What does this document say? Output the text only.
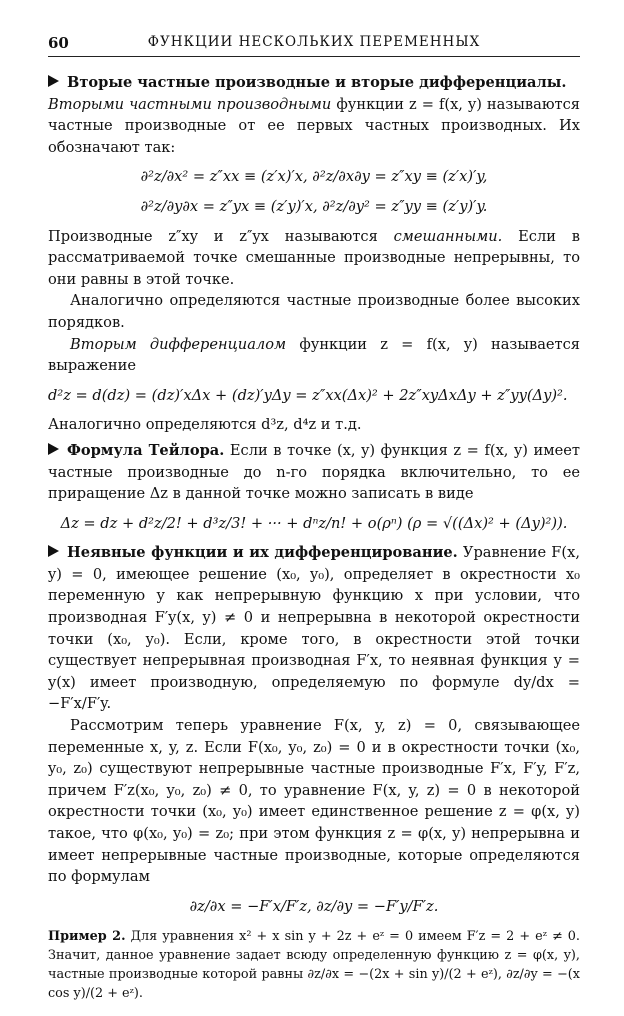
60	ФУНКЦИИ НЕСКОЛЬКИХ ПЕРЕМЕННЫХ

Вторые частные производные и вторые дифференциалы.
Вторыми частными производными функции z = f(x, y) называются частные производные от ее первых частных производных. Их обозначают так:

∂²z/∂x² = z″xx ≡ (z′x)′x, ∂²z/∂x∂y = z″xy ≡ (z′x)′y,
∂²z/∂y∂x = z″yx ≡ (z′y)′x, ∂²z/∂y² = z″yy ≡ (z′y)′y.

Производные z″xy и z″yx называются смешанными. Если в рассматриваемой точке смешанные производные непрерывны, то они равны в этой точке.

Аналогично определяются частные производные более высоких порядков.

Вторым дифференциалом функции z = f(x, y) называется выражение

d²z = d(dz) = (dz)′xΔx + (dz)′yΔy = z″xx(Δx)² + 2z″xyΔxΔy + z″yy(Δy)².

Аналогично определяются d³z, d⁴z и т.д.

Формула Тейлора. Если в точке (x, y) функция z = f(x, y) имеет частные производные до n-го порядка включительно, то ее приращение Δz в данной точке можно записать в виде

Δz = dz + d²z/2! + d³z/3! + ··· + dⁿz/n! + o(ρⁿ) (ρ = √((Δx)² + (Δy)²)).

Неявные функции и их дифференцирование. Уравнение F(x, y) = 0, имеющее решение (x₀, y₀), определяет в окрестности x₀ переменную y как непрерывную функцию x при условии, что производная F′y(x, y) ≠ 0 и непрерывна в некоторой окрестности точки (x₀, y₀). Если, кроме того, в окрестности этой точки существует непрерывная производная F′x, то неявная функция y = y(x) имеет производную, определяемую по формуле dy/dx = −F′x/F′y.

Рассмотрим теперь уравнение F(x, y, z) = 0, связывающее переменные x, y, z. Если F(x₀, y₀, z₀) = 0 и в окрестности точки (x₀, y₀, z₀) существуют непрерывные частные производные F′x, F′y, F′z, причем F′z(x₀, y₀, z₀) ≠ 0, то уравнение F(x, y, z) = 0 в некоторой окрестности точки (x₀, y₀) имеет единственное решение z = φ(x, y) такое, что φ(x₀, y₀) = z₀; при этом функция z = φ(x, y) непрерывна и имеет непрерывные частные производные, которые определяются по формулам

∂z/∂x = −F′x/F′z, ∂z/∂y = −F′y/F′z.

Пример 2. Для уравнения x² + x sin y + 2z + eᶻ = 0 имеем F′z = 2 + eᶻ ≠ 0. Значит, данное уравнение задает всюду определенную функцию z = φ(x, y), частные производные которой равны ∂z/∂x = −(2x + sin y)/(2 + eᶻ), ∂z/∂y = −(x cos y)/(2 + eᶻ).
